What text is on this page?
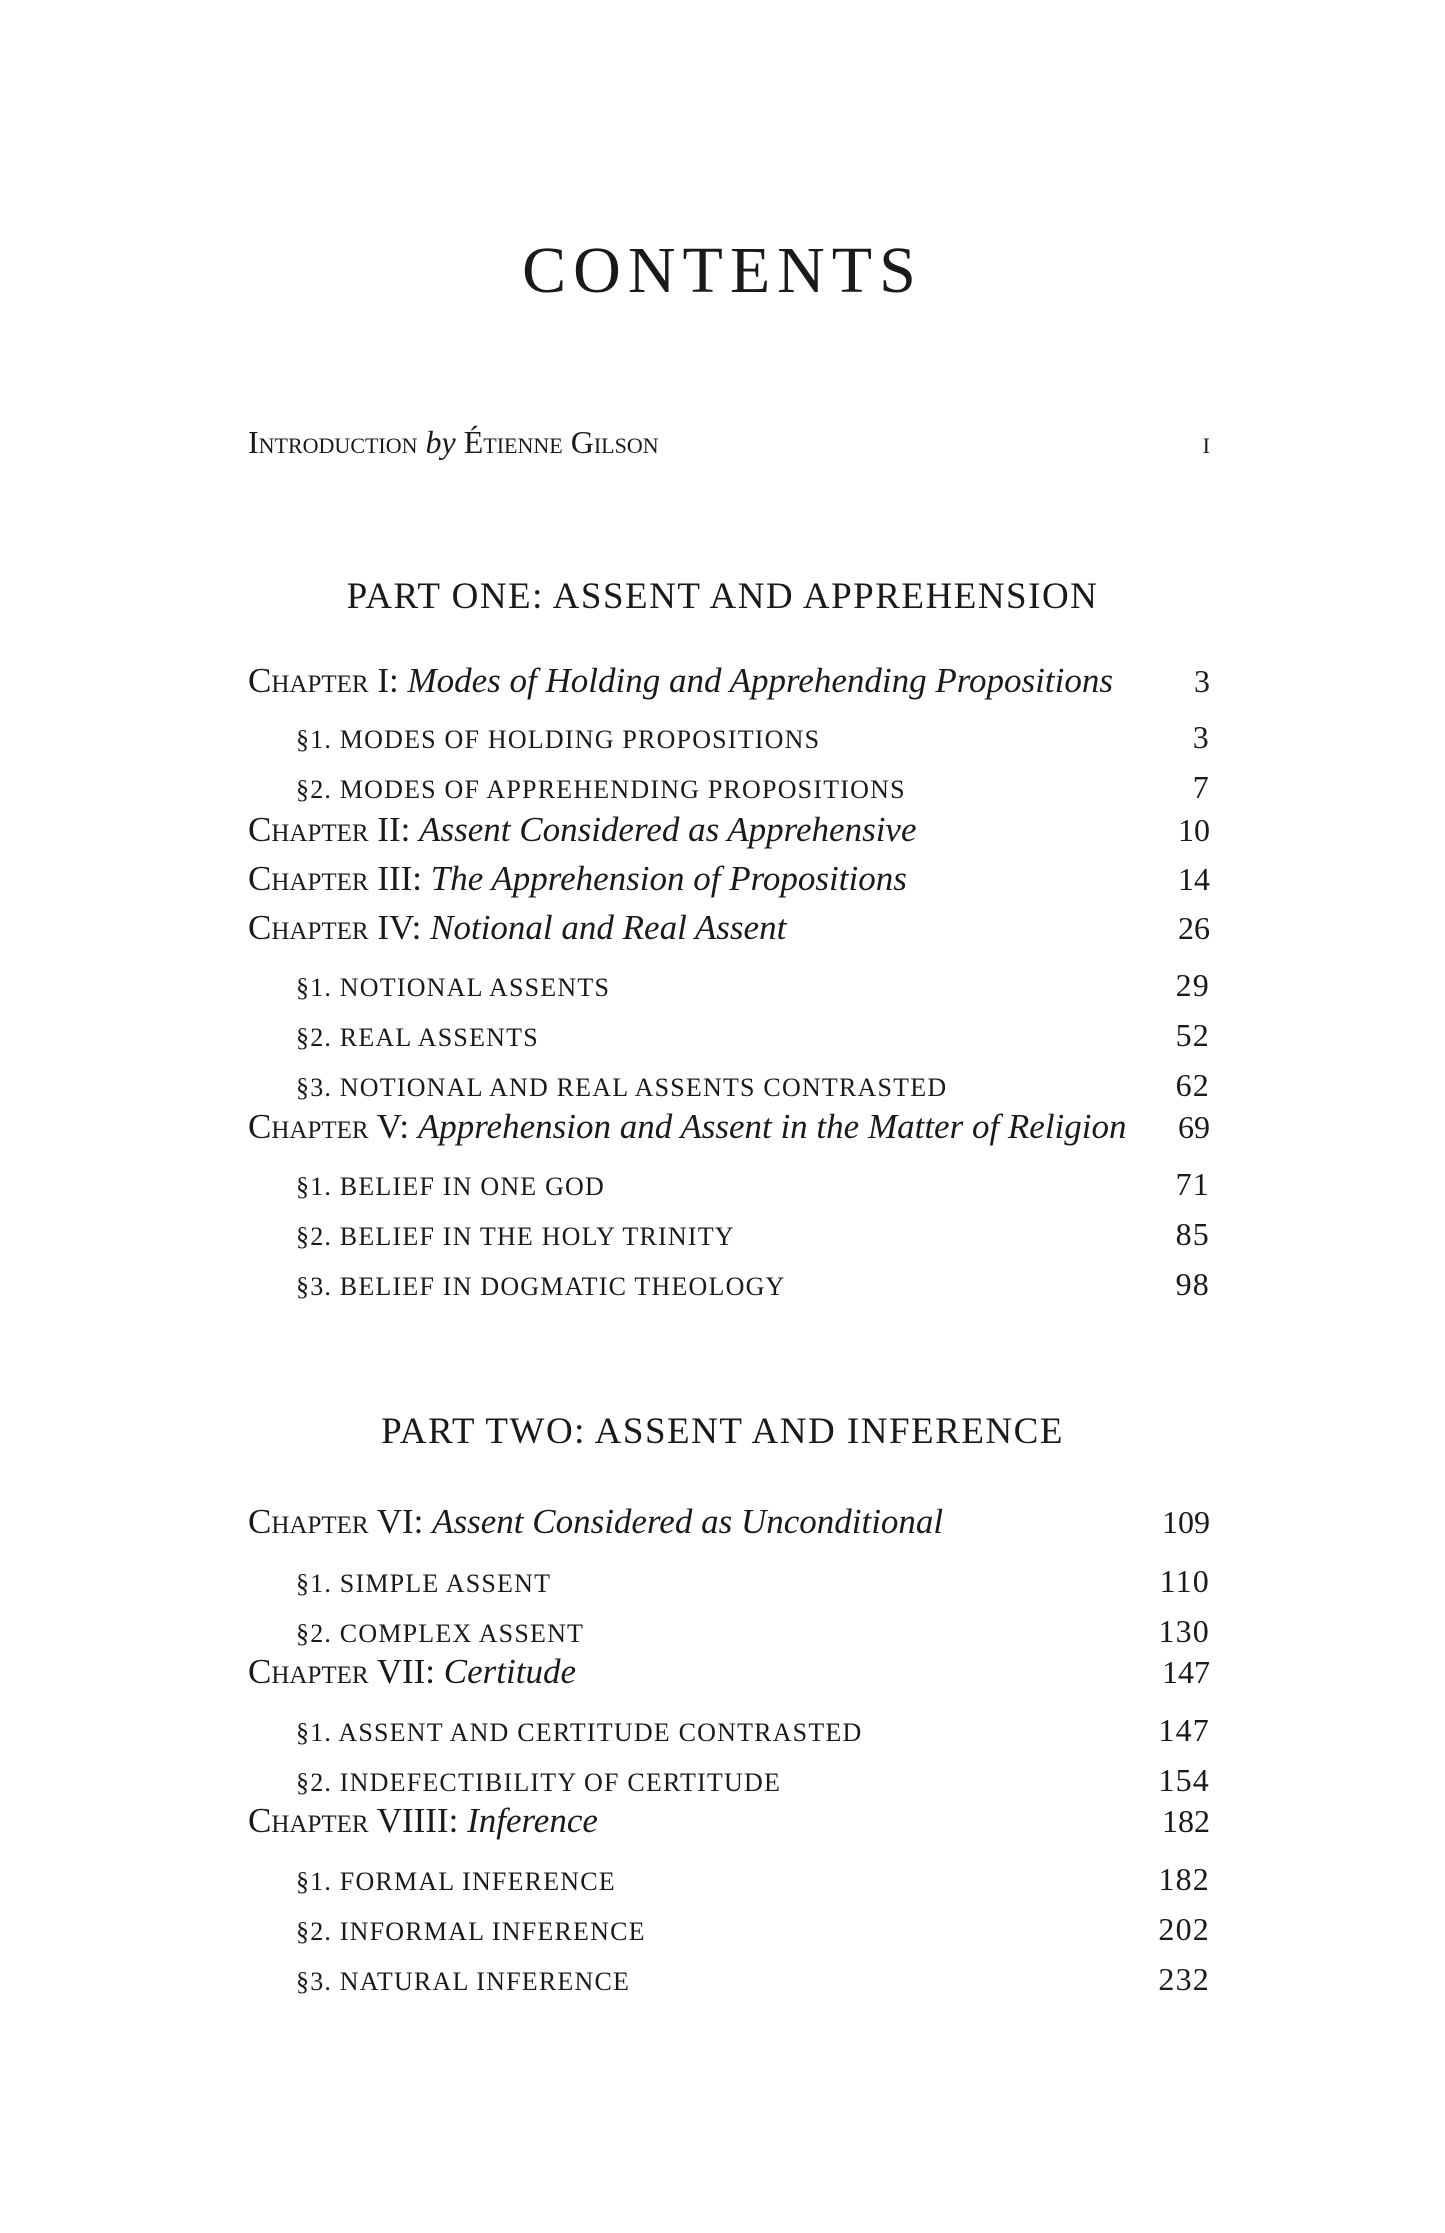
CONTENTS
Introduction by Étienne Gilson	i
PART ONE: ASSENT AND APPREHENSION
Chapter I: Modes of Holding and Apprehending Propositions	3
§1. MODES OF HOLDING PROPOSITIONS	3
§2. MODES OF APPREHENDING PROPOSITIONS	7
Chapter II: Assent Considered as Apprehensive	10
Chapter III: The Apprehension of Propositions	14
Chapter IV: Notional and Real Assent	26
§1. NOTIONAL ASSENTS	29
§2. REAL ASSENTS	52
§3. NOTIONAL AND REAL ASSENTS CONTRASTED	62
Chapter V: Apprehension and Assent in the Matter of Religion 69
§1. BELIEF IN ONE GOD	71
§2. BELIEF IN THE HOLY TRINITY	85
§3. BELIEF IN DOGMATIC THEOLOGY	98
PART TWO: ASSENT AND INFERENCE
Chapter VI: Assent Considered as Unconditional	109
§1. SIMPLE ASSENT	110
§2. COMPLEX ASSENT	130
Chapter VII: Certitude	147
§1. ASSENT AND CERTITUDE CONTRASTED	147
§2. INDEFECTIBILITY OF CERTITUDE	154
Chapter VIIII: Inference	182
§1. FORMAL INFERENCE	182
§2. INFORMAL INFERENCE	202
§3. NATURAL INFERENCE	232
